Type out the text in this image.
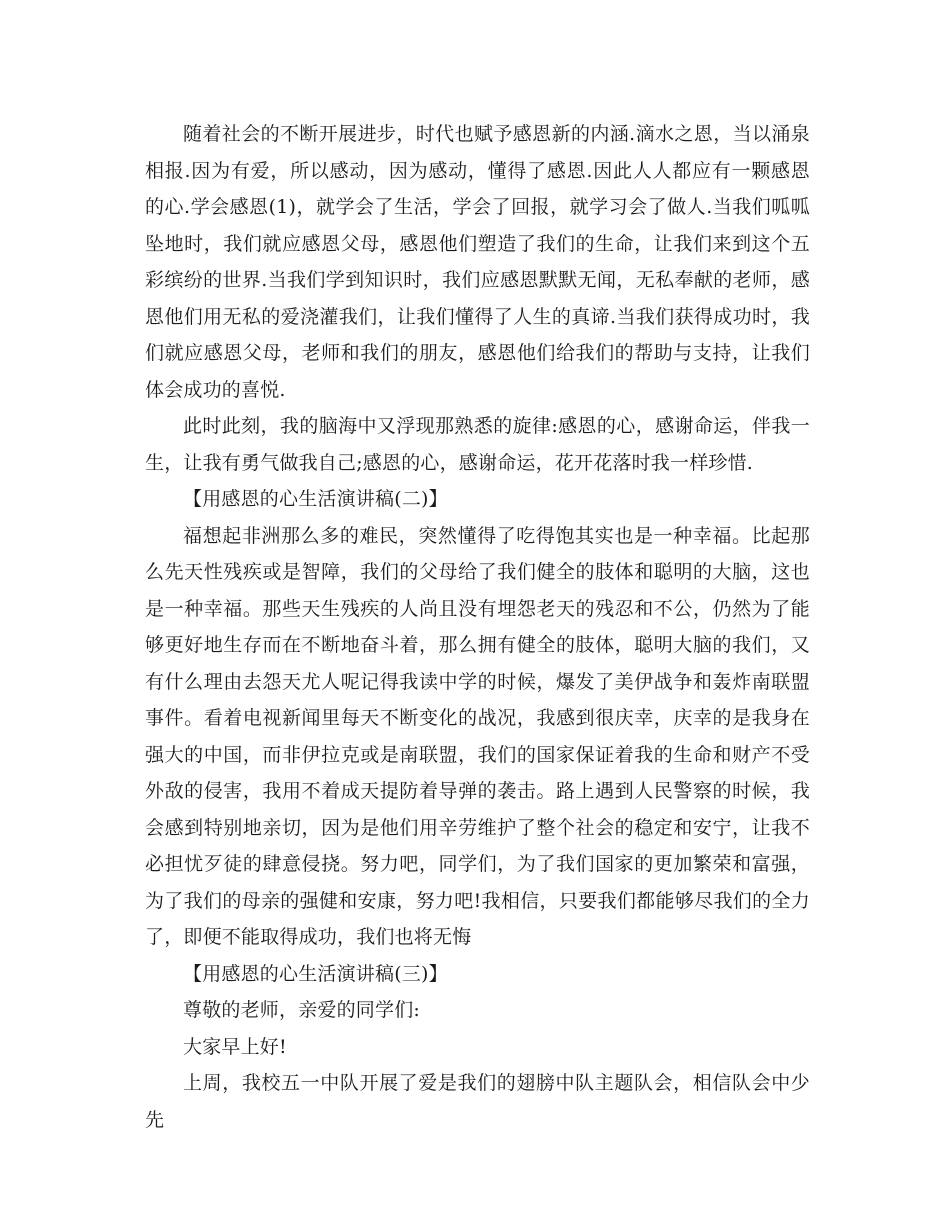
随着社会的不断开展进步，时代也赋予感恩新的内涵.滴水之恩，当以涌泉相报.因为有爱，所以感动，因为感动，懂得了感恩.因此人人都应有一颗感恩的心.学会感恩(1)，就学会了生活，学会了回报，就学习会了做人.当我们呱呱坠地时，我们就应感恩父母，感恩他们塑造了我们的生命，让我们来到这个五彩缤纷的世界.当我们学到知识时，我们应感恩默默无闻，无私奉献的老师，感恩他们用无私的爱浇灌我们，让我们懂得了人生的真谛.当我们获得成功时，我们就应感恩父母，老师和我们的朋友，感恩他们给我们的帮助与支持，让我们体会成功的喜悦.

此时此刻，我的脑海中又浮现那熟悉的旋律:感恩的心，感谢命运，伴我一生，让我有勇气做我自己;感恩的心，感谢命运，花开花落时我一样珍惜.

【用感恩的心生活演讲稿(二)】

福想起非洲那么多的难民，突然懂得了吃得饱其实也是一种幸福。比起那么先天性残疾或是智障，我们的父母给了我们健全的肢体和聪明的大脑，这也是一种幸福。那些天生残疾的人尚且没有埋怨老天的残忍和不公，仍然为了能够更好地生存而在不断地奋斗着，那么拥有健全的肢体，聪明大脑的我们，又有什么理由去怨天尤人呢记得我读中学的时候，爆发了美伊战争和轰炸南联盟事件。看着电视新闻里每天不断变化的战况，我感到很庆幸，庆幸的是我身在强大的中国，而非伊拉克或是南联盟，我们的国家保证着我的生命和财产不受外敌的侵害，我用不着成天提防着导弹的袭击。路上遇到人民警察的时候，我会感到特别地亲切，因为是他们用辛劳维护了整个社会的稳定和安宁，让我不必担忧歹徒的肆意侵挠。努力吧，同学们，为了我们国家的更加繁荣和富强，为了我们的母亲的强健和安康，努力吧!我相信，只要我们都能够尽我们的全力了，即便不能取得成功，我们也将无悔

【用感恩的心生活演讲稿(三)】

尊敬的老师，亲爱的同学们:

大家早上好!

上周，我校五一中队开展了爱是我们的翅膀中队主题队会，相信队会中少先
